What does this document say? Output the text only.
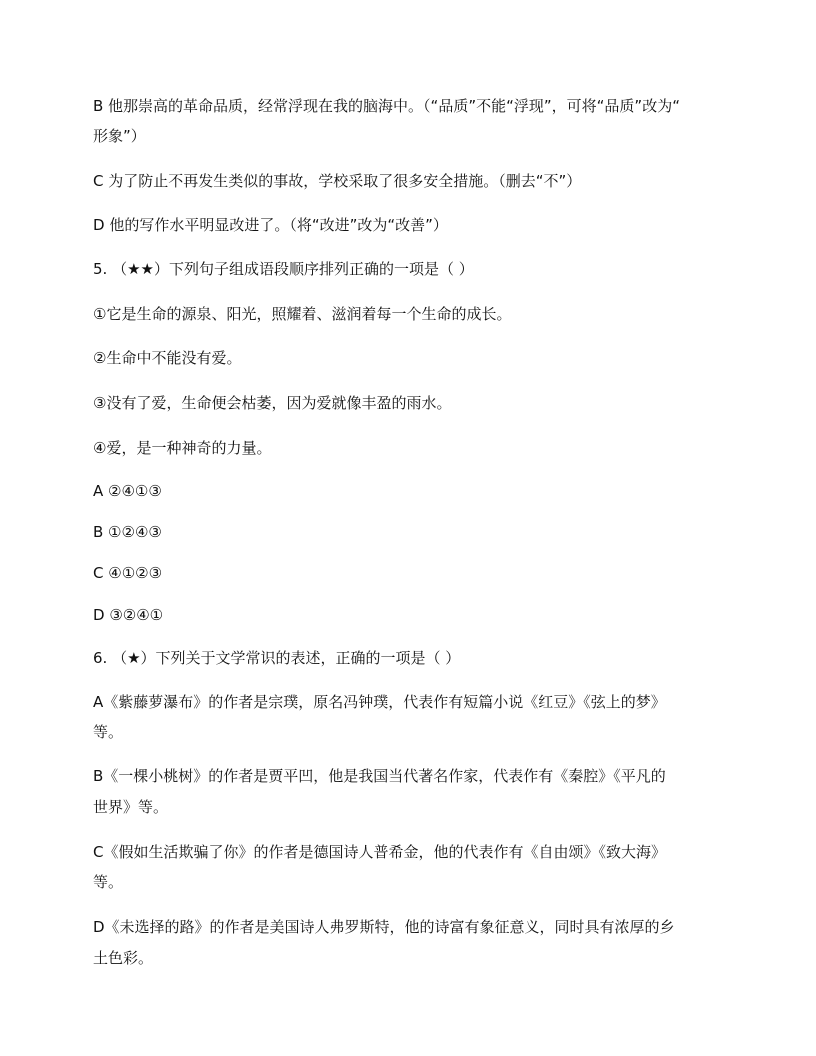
B 他那崇高的革命品质，经常浮现在我的脑海中。（“品质”不能“浮现”，可将“品质”改为“
形象”）
C 为了防止不再发生类似的事故，学校采取了很多安全措施。（删去“不”）
D 他的写作水平明显改进了。（将“改进”改为“改善”）
5. （★★）下列句子组成语段顺序排列正确的一项是（ ）
①它是生命的源泉、阳光，照耀着、滋润着每一个生命的成长。
②生命中不能没有爱。
③没有了爱，生命便会枯萎，因为爱就像丰盈的雨水。
④爱，是一种神奇的力量。
A ②④①③
B ①②④③
C ④①②③
D ③②④①
6. （★）下列关于文学常识的表述，正确的一项是（ ）
A《紫藤萝瀑布》的作者是宗璞，原名冯钟璞，代表作有短篇小说《红豆》《弦上的梦》
等。
B《一棵小桃树》的作者是贾平凹，他是我国当代著名作家，代表作有《秦腔》《平凡的
世界》等。
C《假如生活欺骗了你》的作者是德国诗人普希金，他的代表作有《自由颂》《致大海》
等。
D《未选择的路》的作者是美国诗人弗罗斯特，他的诗富有象征意义，同时具有浓厚的乡
土色彩。
